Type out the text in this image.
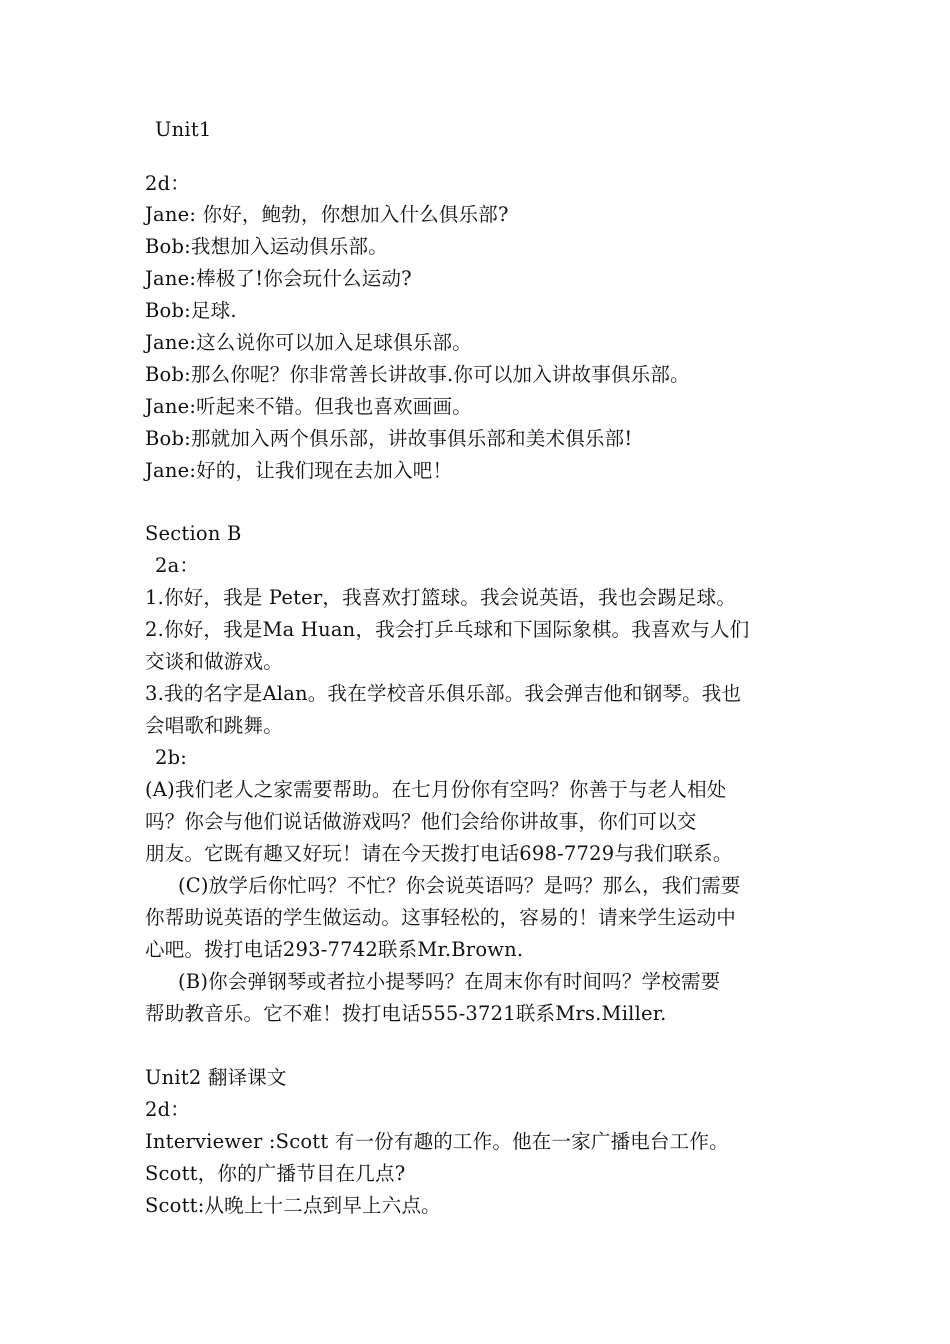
Unit1
2d：
Jane: 你好，鲍勃，你想加入什么俱乐部?
Bob:我想加入运动俱乐部。
Jane:棒极了!你会玩什么运动?
Bob:足球.
Jane:这么说你可以加入足球俱乐部。
Bob:那么你呢？你非常善长讲故事.你可以加入讲故事俱乐部。
Jane:听起来不错。但我也喜欢画画。
Bob:那就加入两个俱乐部，讲故事俱乐部和美术俱乐部!
Jane:好的，让我们现在去加入吧！
Section B
2a：
1.你好，我是 Peter，我喜欢打篮球。我会说英语，我也会踢足球。
2.你好，我是Ma Huan，我会打乒乓球和下国际象棋。我喜欢与人们
交谈和做游戏。
3.我的名字是Alan。我在学校音乐俱乐部。我会弹吉他和钢琴。我也
会唱歌和跳舞。
2b:
(A)我们老人之家需要帮助。在七月份你有空吗？你善于与老人相处
吗？你会与他们说话做游戏吗？他们会给你讲故事，你们可以交
朋友。它既有趣又好玩！请在今天拨打电话698-7729与我们联系。
(C)放学后你忙吗？不忙？你会说英语吗？是吗？那么，我们需要
你帮助说英语的学生做运动。这事轻松的，容易的！请来学生运动中
心吧。拨打电话293-7742联系Mr.Brown.
(B)你会弹钢琴或者拉小提琴吗？在周末你有时间吗？学校需要
帮助教音乐。它不难！拨打电话555-3721联系Mrs.Miller.
Unit2 翻译课文
2d：
Interviewer :Scott 有一份有趣的工作。他在一家广播电台工作。
Scott，你的广播节目在几点?
Scott:从晚上十二点到早上六点。
